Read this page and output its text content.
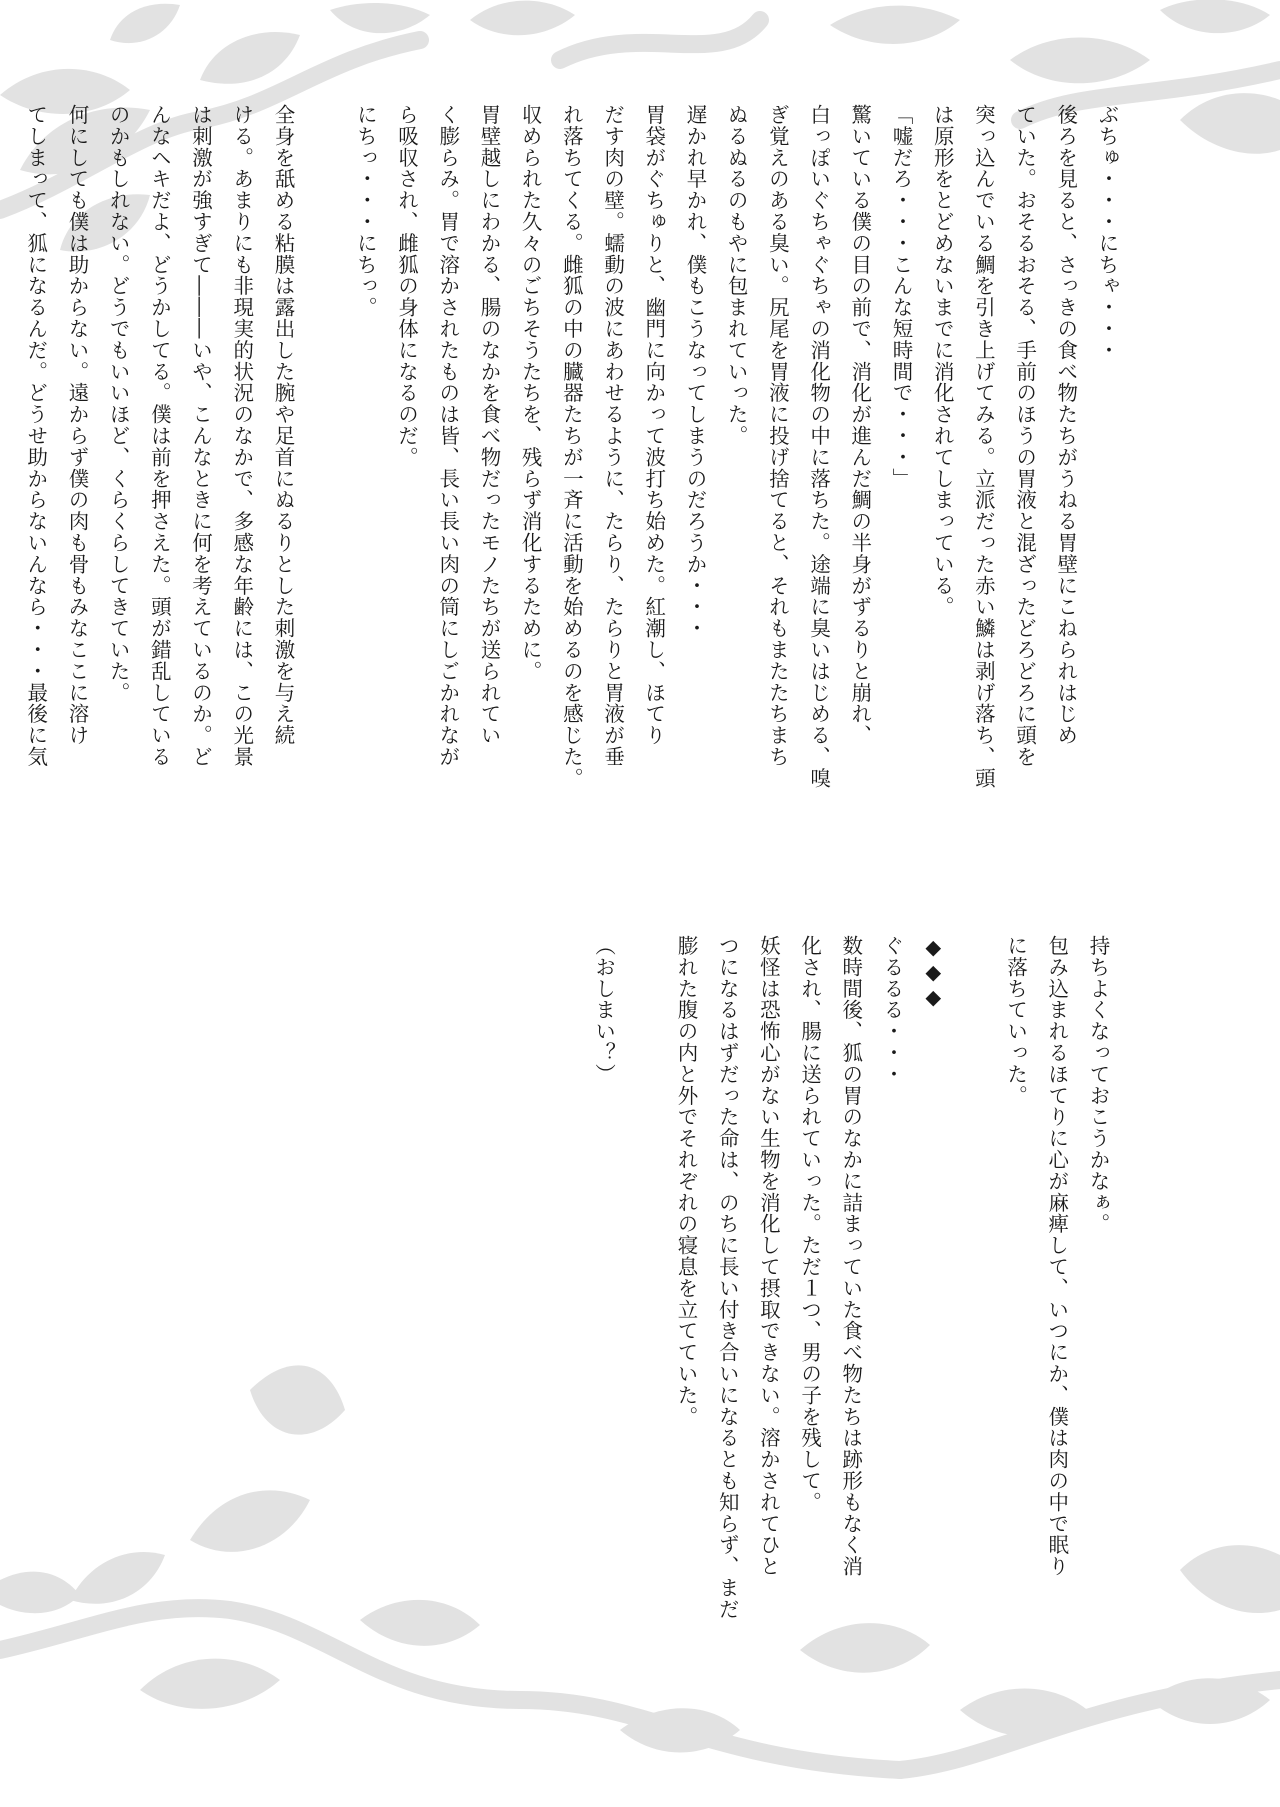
ぶちゅ・・・にちゃ・・・
後ろを見ると、さっきの食べ物たちがうねる胃壁にこねられはじめ
ていた。おそるおそる、手前のほうの胃液と混ざったどろどろに頭を
突っ込んでいる鯛を引き上げてみる。立派だった赤い鱗は剥げ落ち、頭
は原形をとどめないまでに消化されてしまっている。
「嘘だろ・・・こんな短時間で・・・」
驚いている僕の目の前で、消化が進んだ鯛の半身がずるりと崩れ、
白っぽいぐちゃぐちゃの消化物の中に落ちた。途端に臭いはじめる、嗅
ぎ覚えのある臭い。尻尾を胃液に投げ捨てると、それもまたたちまち
ぬるぬるのもやに包まれていった。
遅かれ早かれ、僕もこうなってしまうのだろうか・・・
胃袋がぐちゅりと、幽門に向かって波打ち始めた。紅潮し、ほてり
だす肉の壁。蠕動の波にあわせるように、たらり、たらりと胃液が垂
れ落ちてくる。雌狐の中の臓器たちが一斉に活動を始めるのを感じた。
収められた久々のごちそうたちを、残らず消化するために。
胃壁越しにわかる、腸のなかを食べ物だったモノたちが送られてい
く膨らみ。胃で溶かされたものは皆、長い長い肉の筒にしごかれなが
ら吸収され、雌狐の身体になるのだ。
にちっ・・・にちっ。
全身を舐める粘膜は露出した腕や足首にぬるりとした刺激を与え続
ける。あまりにも非現実的状況のなかで、多感な年齢には、この光景
は刺激が強すぎて―――いや、こんなときに何を考えているのか。ど
んなヘキだよ、どうかしてる。僕は前を押さえた。頭が錯乱している
のかもしれない。どうでもいいほど、くらくらしてきていた。
何にしても僕は助からない。遠からず僕の肉も骨もみなここに溶け
てしまって、狐になるんだ。どうせ助からないんなら・・・最後に気
持ちよくなっておこうかなぁ。
包み込まれるほてりに心が麻痺して、いつにか、僕は肉の中で眠り
に落ちていった。
◆◆◆
ぐるるる・・・
数時間後、狐の胃のなかに詰まっていた食べ物たちは跡形もなく消
化され、腸に送られていった。ただ１つ、男の子を残して。
妖怪は恐怖心がない生物を消化して摂取できない。溶かされてひと
つになるはずだった命は、のちに長い付き合いになるとも知らず、まだ
膨れた腹の内と外でそれぞれの寝息を立てていた。
（おしまい？）
